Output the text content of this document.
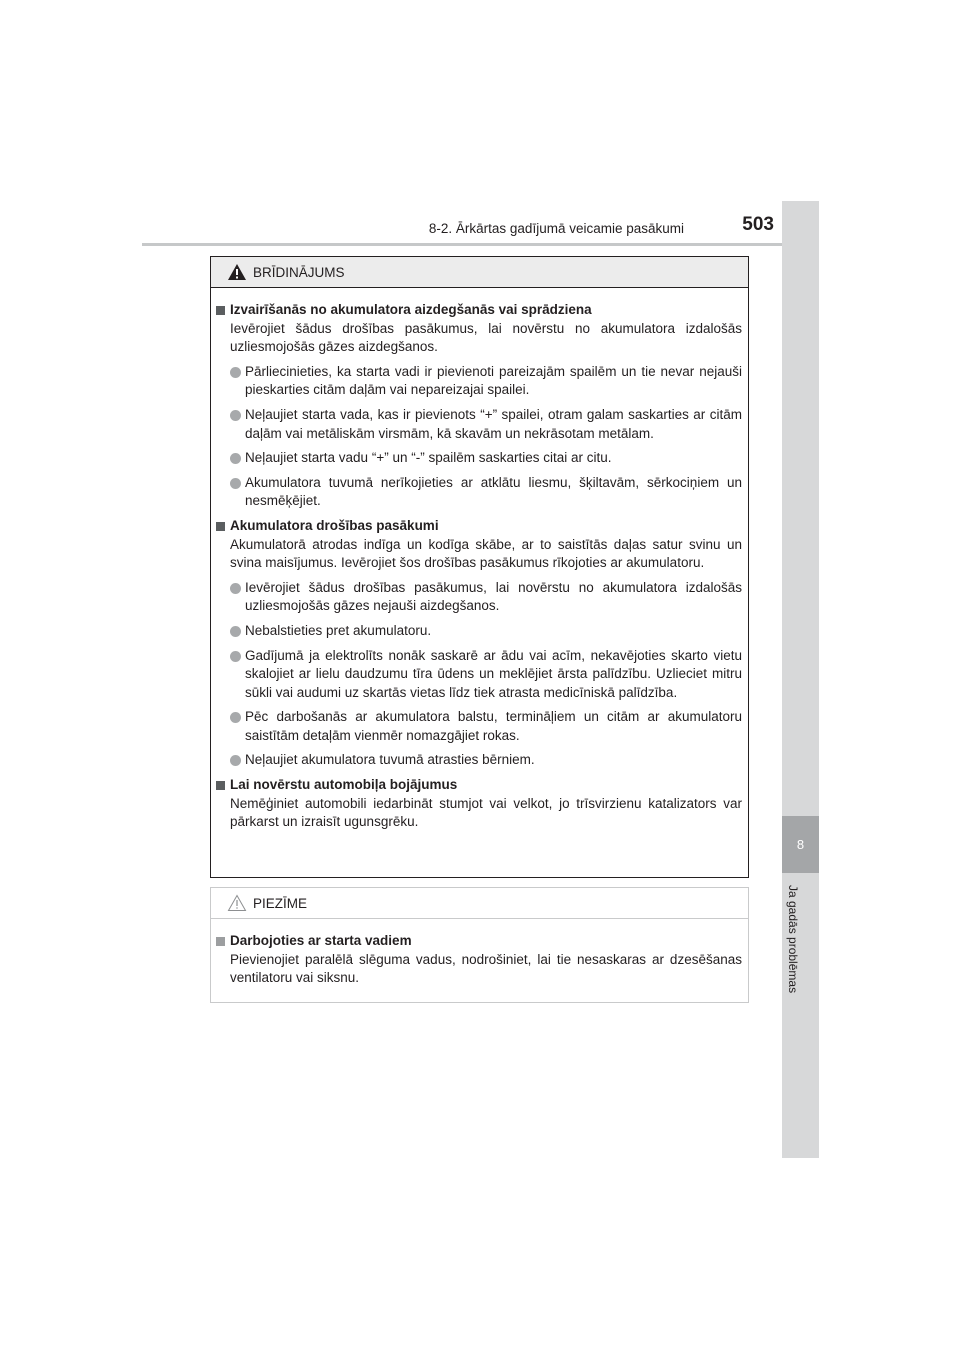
8-2. Ārkārtas gadījumā veicamie pasākumi	503
8
Ja gadās problēmas
BRĪDINĀJUMS
Izvairīšanās no akumulatora aizdegšanās vai sprādziena
Ievērojiet šādus drošības pasākumus, lai novērstu no akumulatora izdalošās uzliesmojošās gāzes aizdegšanos.
Pārliecinieties, ka starta vadi ir pievienoti pareizajām spailēm un tie nevar nejauši pieskarties citām daļām vai nepareizajai spailei.
Neļaujiet starta vada, kas ir pievienots “+” spailei, otram galam saskarties ar citām daļām vai metāliskām virsmām, kā skavām un nekrāsotam metālam.
Neļaujiet starta vadu “+” un “-” spailēm saskarties citai ar citu.
Akumulatora tuvumā nerīkojieties ar atklātu liesmu, šķiltavām, sērkociņiem un nesmēķējiet.
Akumulatora drošības pasākumi
Akumulatorā atrodas indīga un kodīga skābe, ar to saistītās daļas satur svinu un svina maisījumus. Ievērojiet šos drošības pasākumus rīkojoties ar akumulatoru.
Ievērojiet šādus drošības pasākumus, lai novērstu no akumulatora izdalošās uzliesmojošās gāzes nejauši aizdegšanos.
Nebalstieties pret akumulatoru.
Gadījumā ja elektrolīts nonāk saskarē ar ādu vai acīm, nekavējoties skarto vietu skalojiet ar lielu daudzumu tīra ūdens un meklējiet ārsta palīdzību. Uzlieciet mitru sūkli vai audumi uz skartās vietas līdz tiek atrasta medicīniskā palīdzība.
Pēc darbošanās ar akumulatora balstu, termināļiem un citām ar akumulatoru saistītām detaļām vienmēr nomazgājiet rokas.
Neļaujiet akumulatora tuvumā atrasties bērniem.
Lai novērstu automobiļa bojājumus
Nemēģiniet automobili iedarbināt stumjot vai velkot, jo trīsvirzienu katalizators var pārkarst un izraisīt ugunsgrēku.
PIEZĪME
Darbojoties ar starta vadiem
Pievienojiet paralēlā slēguma vadus, nodrošiniet, lai tie nesaskaras ar dzesēšanas ventilatoru vai siksnu.
